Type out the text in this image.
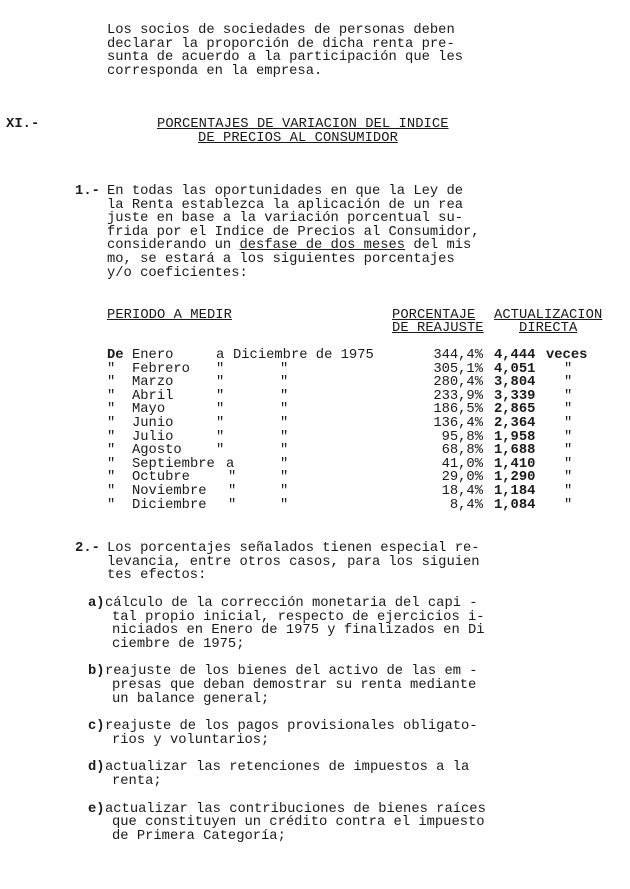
Los socios de sociedades de personas deben
declarar la proporción de dicha renta pre-
sunta de acuerdo a la participación que les
corresponda en la empresa.
XI.-	PORCENTAJES DE VARIACION DEL INDICE
DE PRECIOS AL CONSUMIDOR
1.- En todas las oportunidades en que la Ley de
la Renta establezca la aplicación de un rea
juste en base a la variación porcentual su-
frida por el Indice de Precios al Consumidor,
considerando un desfase de dos meses del mis
mo, se estará a los siguientes porcentajes
y/o coeficientes:
PERIODO A MEDIR	PORCENTAJE
DE REAJUSTE
ACTUALIZACION
DIRECTA
De Enero	a Diciembre de 1975	344,4% 4,444 veces
" Febrero "	"	305,1% 4,051 "
" Marzo	"	"	280,4% 3,804 "
" Abril	"	"	233,9% 3,339 "
" Mayo	"	"	186,5% 2,865 "
" Junio	"	"	136,4% 2,364 "
" Julio	"	"	95,8% 1,958 "
" Agosto "	"	68,8% 1,688 "
" Septiembre a	"	41,0% 1,410 "
" Octubre	"	"	29,0% 1,290 "
" Noviembre "	"	18,4% 1,184 "
" Diciembre "	"	8,4% 1,084 "
2.- Los porcentajes señalados tienen especial re-
levancia, entre otros casos, para los siguien
tes efectos:
a) cálculo de la corrección monetaria del capi -
tal propio inicial, respecto de ejercicios i-
niciados en Enero de 1975 y finalizados en Di
ciembre de 1975;
b) reajuste de los bienes del activo de las em -
presas que deban demostrar su renta mediante
un balance general;
c) reajuste de los pagos provisionales obligato-
rios y voluntarios;
d) actualizar las retenciones de impuestos a la
renta;
e) actualizar las contribuciones de bienes raíces
que constituyen un crédito contra el impuesto
de Primera Categoría;
